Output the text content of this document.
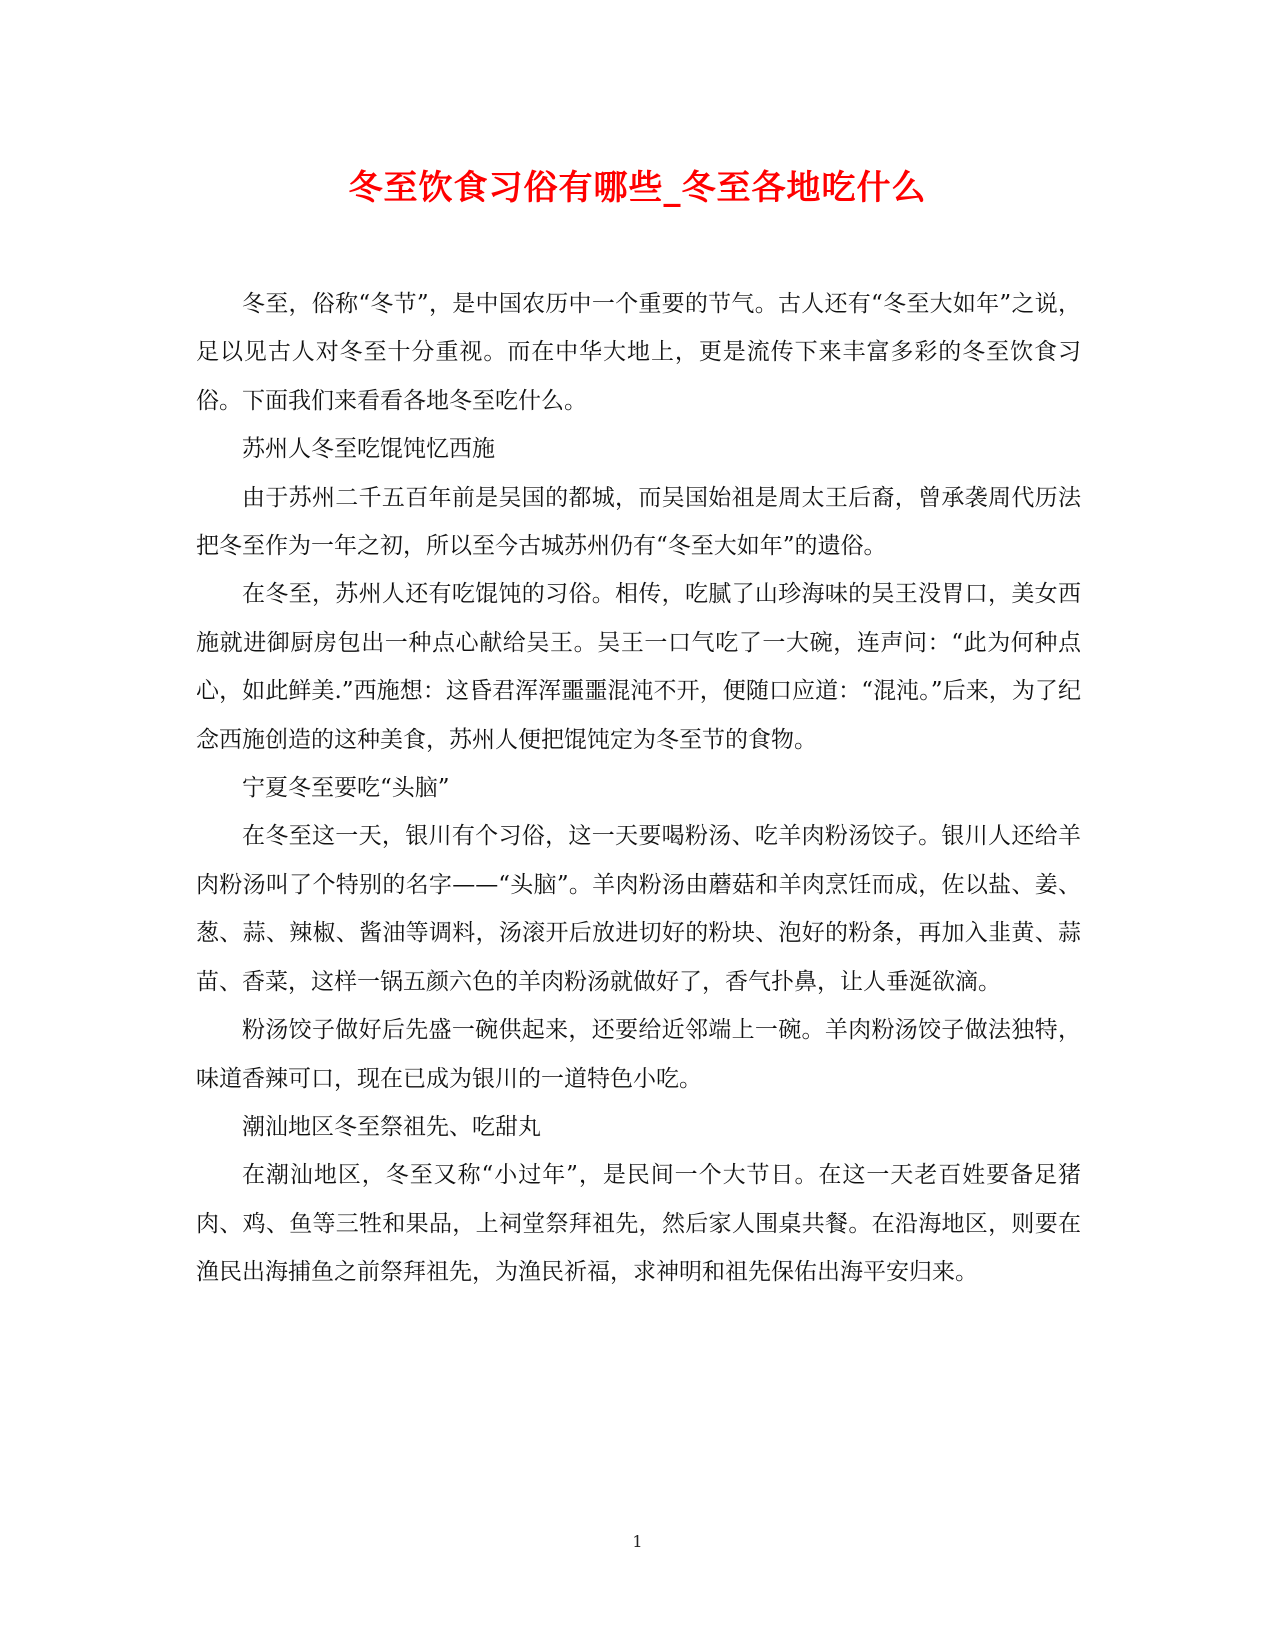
冬至饮食习俗有哪些_冬至各地吃什么

冬至，俗称“冬节”，是中国农历中一个重要的节气。古人还有“冬至大如年”之说，足以见古人对冬至十分重视。而在中华大地上，更是流传下来丰富多彩的冬至饮食习俗。下面我们来看看各地冬至吃什么。

苏州人冬至吃馄饨忆西施

由于苏州二千五百年前是吴国的都城，而吴国始祖是周太王后裔，曾承袭周代历法把冬至作为一年之初，所以至今古城苏州仍有“冬至大如年”的遗俗。

在冬至，苏州人还有吃馄饨的习俗。相传，吃腻了山珍海味的吴王没胃口，美女西施就进御厨房包出一种点心献给吴王。吴王一口气吃了一大碗，连声问：“此为何种点心，如此鲜美.”西施想：这昏君浑浑噩噩混沌不开，便随口应道：“混沌。”后来，为了纪念西施创造的这种美食，苏州人便把馄饨定为冬至节的食物。

宁夏冬至要吃“头脑”

在冬至这一天，银川有个习俗，这一天要喝粉汤、吃羊肉粉汤饺子。银川人还给羊肉粉汤叫了个特别的名字——“头脑”。羊肉粉汤由蘑菇和羊肉烹饪而成，佐以盐、姜、葱、蒜、辣椒、酱油等调料，汤滚开后放进切好的粉块、泡好的粉条，再加入韭黄、蒜苗、香菜，这样一锅五颜六色的羊肉粉汤就做好了，香气扑鼻，让人垂涎欲滴。

粉汤饺子做好后先盛一碗供起来，还要给近邻端上一碗。羊肉粉汤饺子做法独特，味道香辣可口，现在已成为银川的一道特色小吃。

潮汕地区冬至祭祖先、吃甜丸

在潮汕地区，冬至又称“小过年”，是民间一个大节日。在这一天老百姓要备足猪肉、鸡、鱼等三牲和果品，上祠堂祭拜祖先，然后家人围桌共餐。在沿海地区，则要在渔民出海捕鱼之前祭拜祖先，为渔民祈福，求神明和祖先保佑出海平安归来。

1
